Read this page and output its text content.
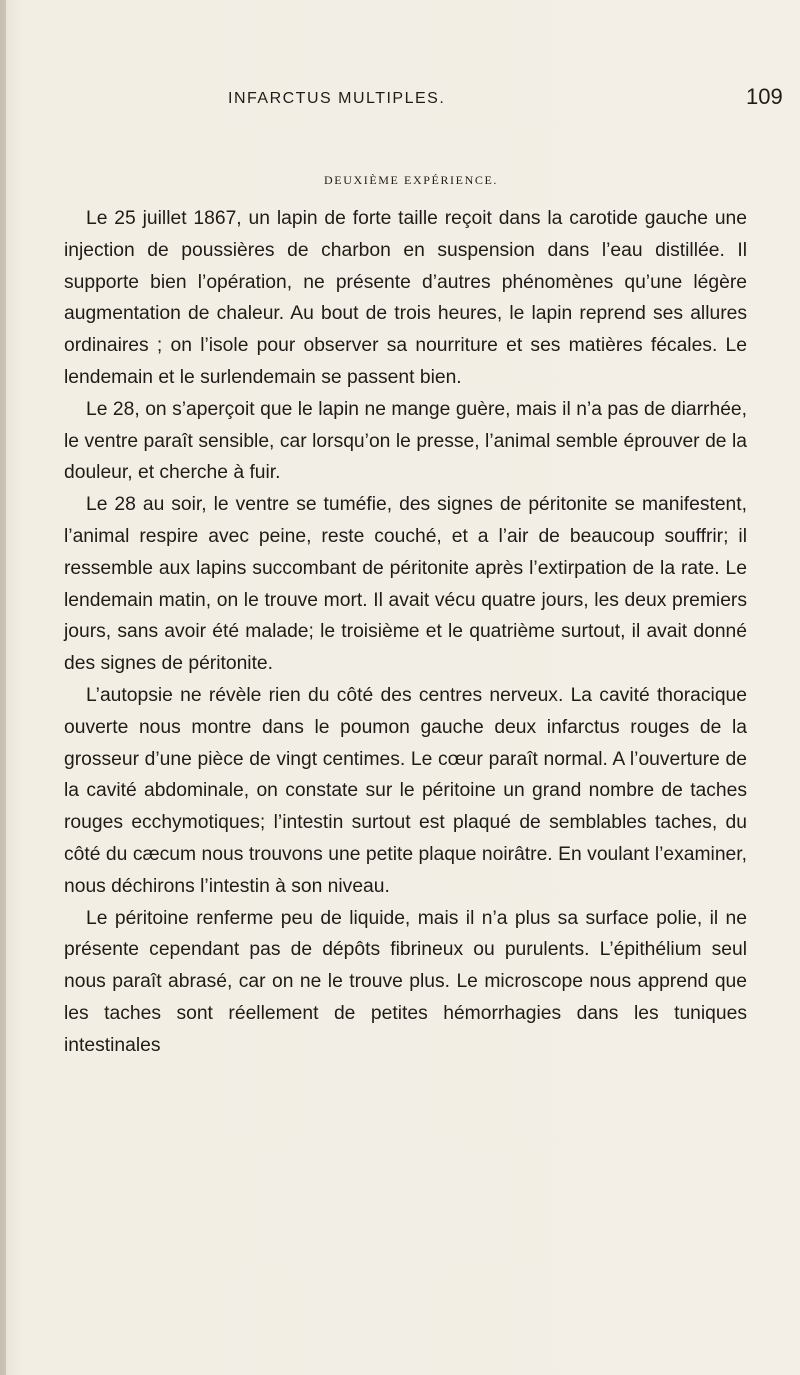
INFARCTUS MULTIPLES.	109
DEUXIÈME EXPÉRIENCE.

Le 25 juillet 1867, un lapin de forte taille reçoit dans la carotide gauche une injection de poussières de charbon en suspension dans l’eau distillée. Il supporte bien l’opération, ne présente d’autres phénomènes qu’une légère augmentation de chaleur. Au bout de trois heures, le lapin reprend ses allures ordinaires ; on l’isole pour observer sa nourriture et ses matières fécales. Le lendemain et le surlendemain se passent bien.

Le 28, on s’aperçoit que le lapin ne mange guère, mais il n’a pas de diarrhée, le ventre paraît sensible, car lorsqu’on le presse, l’animal semble éprouver de la douleur, et cherche à fuir.

Le 28 au soir, le ventre se tuméfie, des signes de péritonite se manifestent, l’animal respire avec peine, reste couché, et a l’air de beaucoup souffrir; il ressemble aux lapins succombant de péritonite après l’extirpation de la rate. Le lendemain matin, on le trouve mort. Il avait vécu quatre jours, les deux premiers jours, sans avoir été malade; le troisième et le quatrième surtout, il avait donné des signes de péritonite.

L’autopsie ne révèle rien du côté des centres nerveux. La cavité thoracique ouverte nous montre dans le poumon gauche deux infarctus rouges de la grosseur d’une pièce de vingt centimes. Le cœur paraît normal. A l’ouverture de la cavité abdominale, on constate sur le péritoine un grand nombre de taches rouges ecchymotiques; l’intestin surtout est plaqué de semblables taches, du côté du cæcum nous trouvons une petite plaque noirâtre. En voulant l’examiner, nous déchirons l’intestin à son niveau.

Le péritoine renferme peu de liquide, mais il n’a plus sa surface polie, il ne présente cependant pas de dépôts fibrineux ou purulents. L’épithélium seul nous paraît abrasé, car on ne le trouve plus. Le microscope nous apprend que les taches sont réellement de petites hémorrhagies dans les tuniques intestinales
